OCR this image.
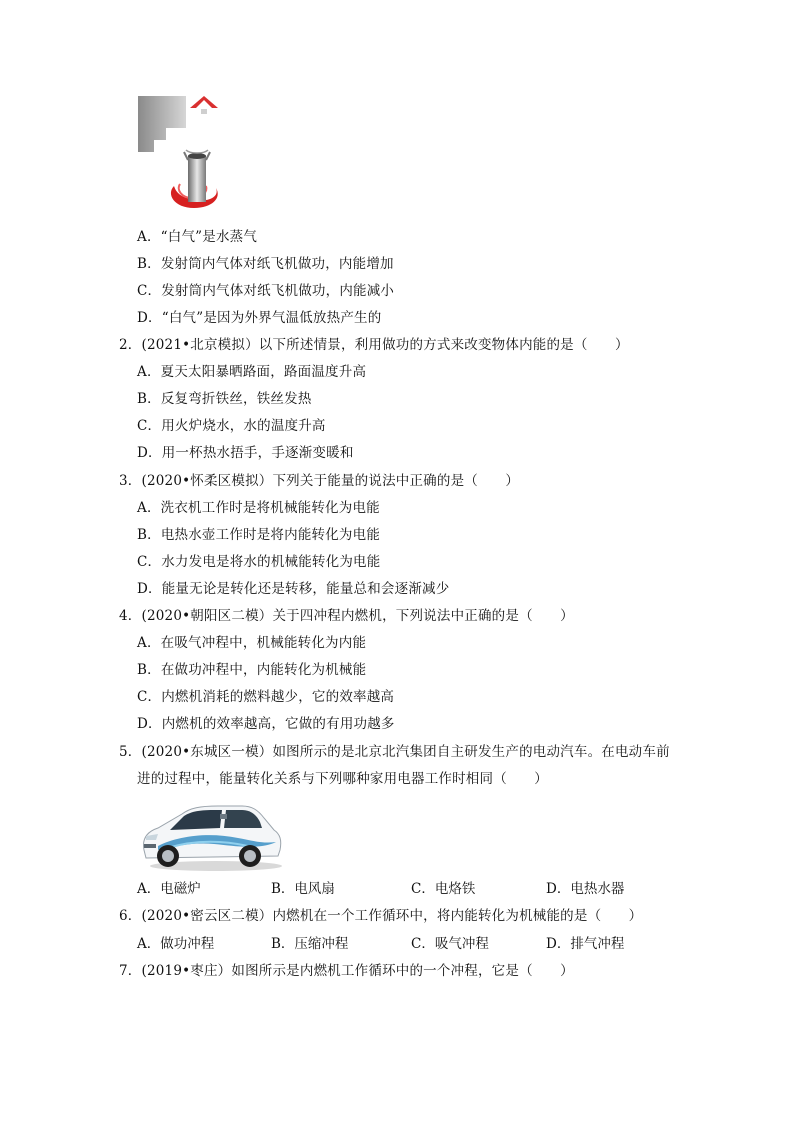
A．“白气”是水蒸气
B．发射筒内气体对纸飞机做功，内能增加
C．发射筒内气体对纸飞机做功，内能减小
D．“白气”是因为外界气温低放热产生的
2．(2021•北京模拟）以下所述情景，利用做功的方式来改变物体内能的是（　　）
A．夏天太阳暴晒路面，路面温度升高
B．反复弯折铁丝，铁丝发热
C．用火炉烧水，水的温度升高
D．用一杯热水捂手，手逐渐变暖和
3．(2020•怀柔区模拟）下列关于能量的说法中正确的是（　　）
A．洗衣机工作时是将机械能转化为电能
B．电热水壶工作时是将内能转化为电能
C．水力发电是将水的机械能转化为电能
D．能量无论是转化还是转移，能量总和会逐渐减少
4．(2020•朝阳区二模）关于四冲程内燃机，下列说法中正确的是（　　）
A．在吸气冲程中，机械能转化为内能
B．在做功冲程中，内能转化为机械能
C．内燃机消耗的燃料越少，它的效率越高
D．内燃机的效率越高，它做的有用功越多
5．(2020•东城区一模）如图所示的是北京北汽集团自主研发生产的电动汽车。在电动车前
进的过程中，能量转化关系与下列哪种家用电器工作时相同（　　）
A．电磁炉	B．电风扇	C．电烙铁	D．电热水器
6．(2020•密云区二模）内燃机在一个工作循环中，将内能转化为机械能的是（　　）
A．做功冲程	B．压缩冲程	C．吸气冲程	D．排气冲程
7．(2019•枣庄）如图所示是内燃机工作循环中的一个冲程，它是（　　）
